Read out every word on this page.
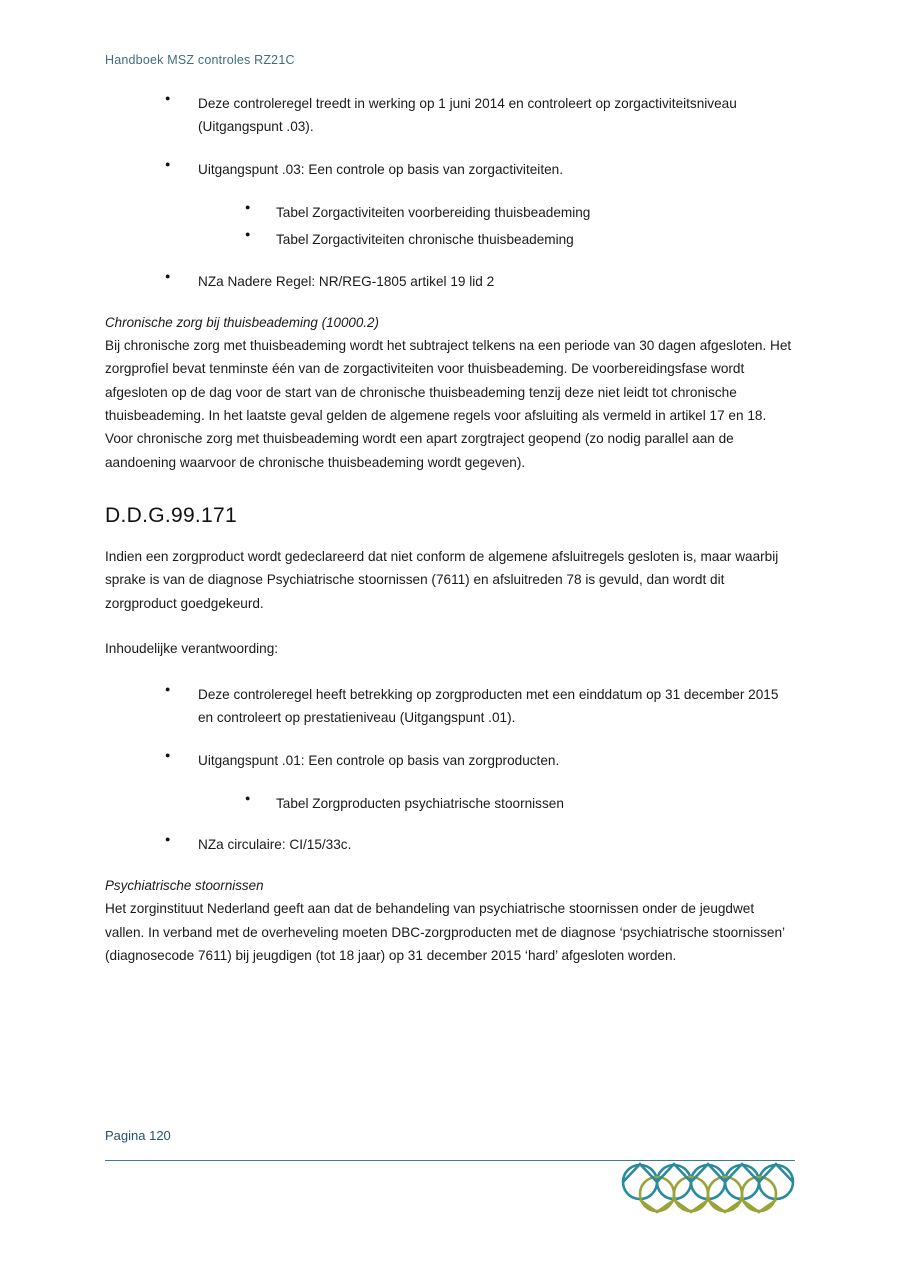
Handboek MSZ controles RZ21C
● Deze controleregel treedt in werking op 1 juni 2014 en controleert op zorgactiviteitsniveau (Uitgangspunt .03).
● Uitgangspunt .03: Een controle op basis van zorgactiviteiten.
● Tabel Zorgactiviteiten voorbereiding thuisbeademing
● Tabel Zorgactiviteiten chronische thuisbeademing
● NZa Nadere Regel: NR/REG-1805 artikel 19 lid 2
Chronische zorg bij thuisbeademing (10000.2)
Bij chronische zorg met thuisbeademing wordt het subtraject telkens na een periode van 30 dagen afgesloten. Het zorgprofiel bevat tenminste één van de zorgactiviteiten voor thuisbeademing. De voorbereidingsfase wordt afgesloten op de dag voor de start van de chronische thuisbeademing tenzij deze niet leidt tot chronische thuisbeademing. In het laatste geval gelden de algemene regels voor afsluiting als vermeld in artikel 17 en 18. Voor chronische zorg met thuisbeademing wordt een apart zorgtraject geopend (zo nodig parallel aan de aandoening waarvoor de chronische thuisbeademing wordt gegeven).
D.D.G.99.171
Indien een zorgproduct wordt gedeclareerd dat niet conform de algemene afsluitregels gesloten is, maar waarbij sprake is van de diagnose Psychiatrische stoornissen (7611) en afsluitreden 78 is gevuld, dan wordt dit zorgproduct goedgekeurd.
Inhoudelijke verantwoording:
● Deze controleregel heeft betrekking op zorgproducten met een einddatum op 31 december 2015 en controleert op prestatieniveau (Uitgangspunt .01).
● Uitgangspunt .01: Een controle op basis van zorgproducten.
● Tabel Zorgproducten psychiatrische stoornissen
● NZa circulaire: CI/15/33c.
Psychiatrische stoornissen
Het zorginstituut Nederland geeft aan dat de behandeling van psychiatrische stoornissen onder de jeugdwet vallen. In verband met de overheveling moeten DBC-zorgproducten met de diagnose ‘psychiatrische stoornissen’ (diagnosecode 7611) bij jeugdigen (tot 18 jaar) op 31 december 2015 ‘hard’ afgesloten worden.
Pagina 120
